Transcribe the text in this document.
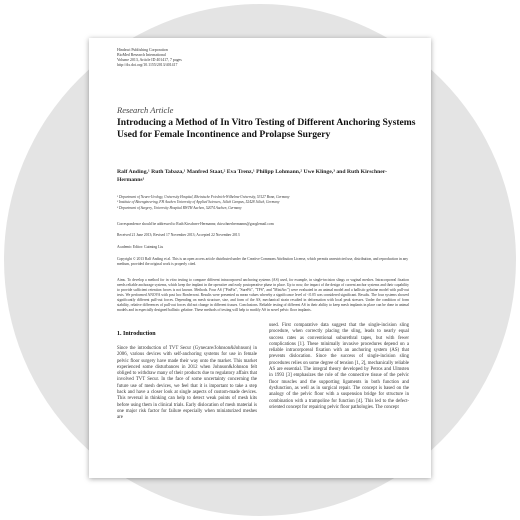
Hindawi Publishing Corporation
BioMed Research International
Volume 2013, Article ID 401417, 7 pages
http://dx.doi.org/10.1155/2013/401417
Research Article
Introducing a Method of In Vitro Testing of Different Anchoring Systems Used for Female Incontinence and Prolapse Surgery
Ralf Anding,¹ Ruth Tabaza,¹ Manfred Staat,² Eva Trenz,¹ Philipp Lohmann,² Uwe Klinge,³ and Ruth Kirschner-Hermanns¹
¹ Department of Neuro-Urology, University Hospital, Rheinische Friedrich-Wilhelms-University, 53127 Bonn, Germany
² Institute of Bioengineering, FH Aachen University of Applied Sciences, Jülich Campus, 52428 Jülich, Germany
³ Department of Surgery, University Hospital RWTH Aachen, 52074 Aachen, Germany
Correspondence should be addressed to Ruth Kirschner-Hermanns; rkirschnerhermanns@googlemail.com
Received 21 June 2013; Revised 17 November 2013; Accepted 22 November 2013
Academic Editor: Guiming Liu
Copyright © 2013 Ralf Anding et al. This is an open access article distributed under the Creative Commons Attribution License, which permits unrestricted use, distribution, and reproduction in any medium, provided the original work is properly cited.
Aims. To develop a method for in vitro testing to compare different intracorporeal anchoring systems (AS) used, for example, in single-incision slings or vaginal meshes. Intracorporeal fixation needs reliable anchorage systems, which keep the implant in the operative and early postoperative phase in place. Up to now, the impact of the design of current anchor systems and their capability to provide sufficient retention forces is not known. Methods. Four AS ("PinFix", "SureFit", "TFS", and "MiniArc") were evaluated in an animal model and a ballistic gelatine model with pull-out tests. We performed ANOVA with post hoc Bonferroni. Results were presented as mean values whereby a significance level of <0.05 was considered significant. Results. The four systems showed significantly different pull-out forces. Depending on mesh structure, size, and form of the AS, mechanical strain resulted in deformation with local peak stresses. Under the condition of form stability, relative differences of pull-out forces did not change in different tissues. Conclusions. Reliable testing of different AS in their ability to keep mesh implants in place can be done in animal models and in especially designed ballistic gelatine. These methods of testing will help to modify AS in novel pelvic floor implants.
1. Introduction
Since the introduction of TVT Secur (Gynecare/Johnson&Johnson) in 2006, various devices with self-anchoring systems for use in female pelvic floor surgery have made their way onto the market. This market experienced some disturbances in 2012 when Johnson&Johnson felt obliged to withdraw many of their products due to regulatory affairs that involved TVT Secur. In the face of some uncertainty concerning the future use of mesh devices, we feel that it is important to take a step back and have a closer look at single aspects of custom-made devices. This reversal in thinking can help to detect weak points of mesh kits before using them in clinical trials. Early dislocation of mesh material is one major risk factor for failure especially when miniaturized meshes are
used. First comparative data suggest that the single-incision sling procedure, when correctly placing the sling, leads to nearly equal success rates as conventional suburethral tapes, but with fewer complications [1]. These minimally invasive procedures depend on a reliable intracorporeal fixation with an anchoring system (AS) that prevents dislocation. Since the success of single-incision sling procedures relies on some degree of tension [1, 2], mechanically reliable AS are essential. The integral theory developed by Petros and Ulmsten in 1993 [3] emphasizes the role of the connective tissue of the pelvic floor muscles and the supporting ligaments in both function and dysfunction, as well as in surgical repair. The concept is based on the analogy of the pelvic floor with a suspension bridge for structure in combination with a trampoline for function [4]. This led to the defect-oriented concept for repairing pelvic floor pathologies. The concept
